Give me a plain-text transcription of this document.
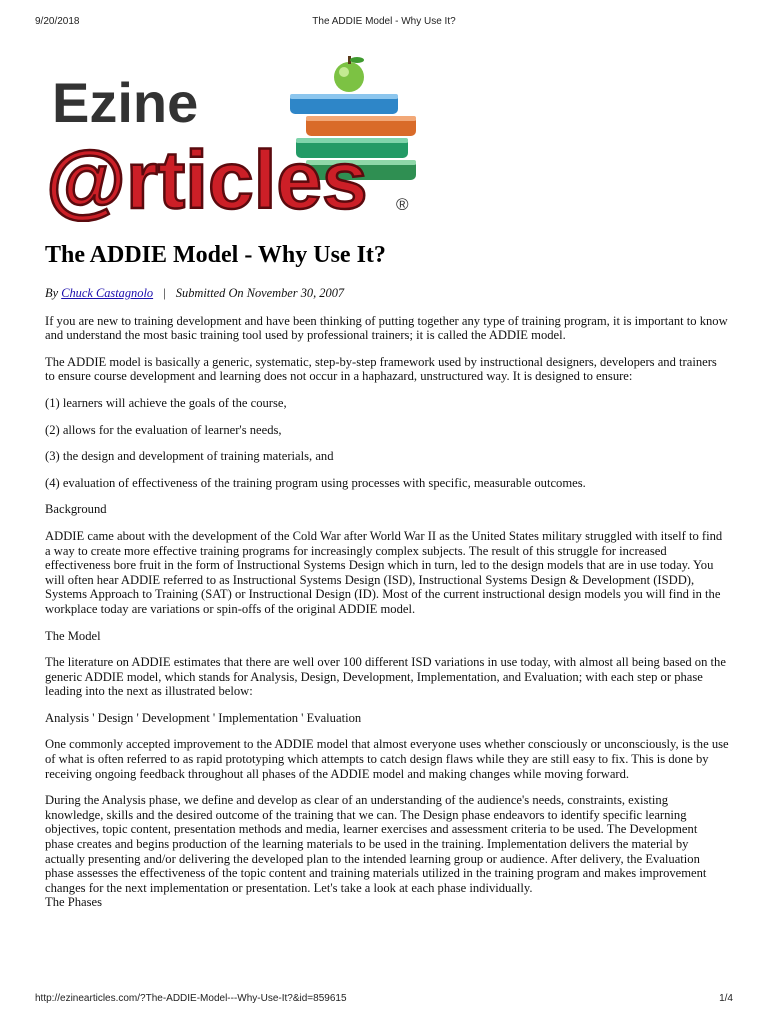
9/20/2018	The ADDIE Model - Why Use It?
Ezine
@rticles ®
The ADDIE Model - Why Use It?
By Chuck Castagnolo | Submitted On November 30, 2007

If you are new to training development and have been thinking of putting together any type of training program, it is important to know and understand the most basic training tool used by professional trainers; it is called the ADDIE model.

The ADDIE model is basically a generic, systematic, step-by-step framework used by instructional designers, developers and trainers to ensure course development and learning does not occur in a haphazard, unstructured way. It is designed to ensure:

(1) learners will achieve the goals of the course,

(2) allows for the evaluation of learner's needs,

(3) the design and development of training materials, and

(4) evaluation of effectiveness of the training program using processes with specific, measurable outcomes.

Background

ADDIE came about with the development of the Cold War after World War II as the United States military struggled with itself to find a way to create more effective training programs for increasingly complex subjects. The result of this struggle for increased effectiveness bore fruit in the form of Instructional Systems Design which in turn, led to the design models that are in use today. You will often hear ADDIE referred to as Instructional Systems Design (ISD), Instructional Systems Design & Development (ISDD), Systems Approach to Training (SAT) or Instructional Design (ID). Most of the current instructional design models you will find in the workplace today are variations or spin-offs of the original ADDIE model.

The Model

The literature on ADDIE estimates that there are well over 100 different ISD variations in use today, with almost all being based on the generic ADDIE model, which stands for Analysis, Design, Development, Implementation, and Evaluation; with each step or phase leading into the next as illustrated below:

Analysis ' Design ' Development ' Implementation ' Evaluation

One commonly accepted improvement to the ADDIE model that almost everyone uses whether consciously or unconsciously, is the use of what is often referred to as rapid prototyping which attempts to catch design flaws while they are still easy to fix. This is done by receiving ongoing feedback throughout all phases of the ADDIE model and making changes while moving forward.

During the Analysis phase, we define and develop as clear of an understanding of the audience's needs, constraints, existing knowledge, skills and the desired outcome of the training that we can. The Design phase endeavors to identify specific learning objectives, topic content, presentation methods and media, learner exercises and assessment criteria to be used. The Development phase creates and begins production of the learning materials to be used in the training. Implementation delivers the material by actually presenting and/or delivering the developed plan to the intended learning group or audience. After delivery, the Evaluation phase assesses the effectiveness of the topic content and training materials utilized in the training program and makes improvement changes for the next implementation or presentation. Let's take a look at each phase individually.

The Phases

http://ezinearticles.com/?The-ADDIE-Model---Why-Use-It?&id=859615	1/4
